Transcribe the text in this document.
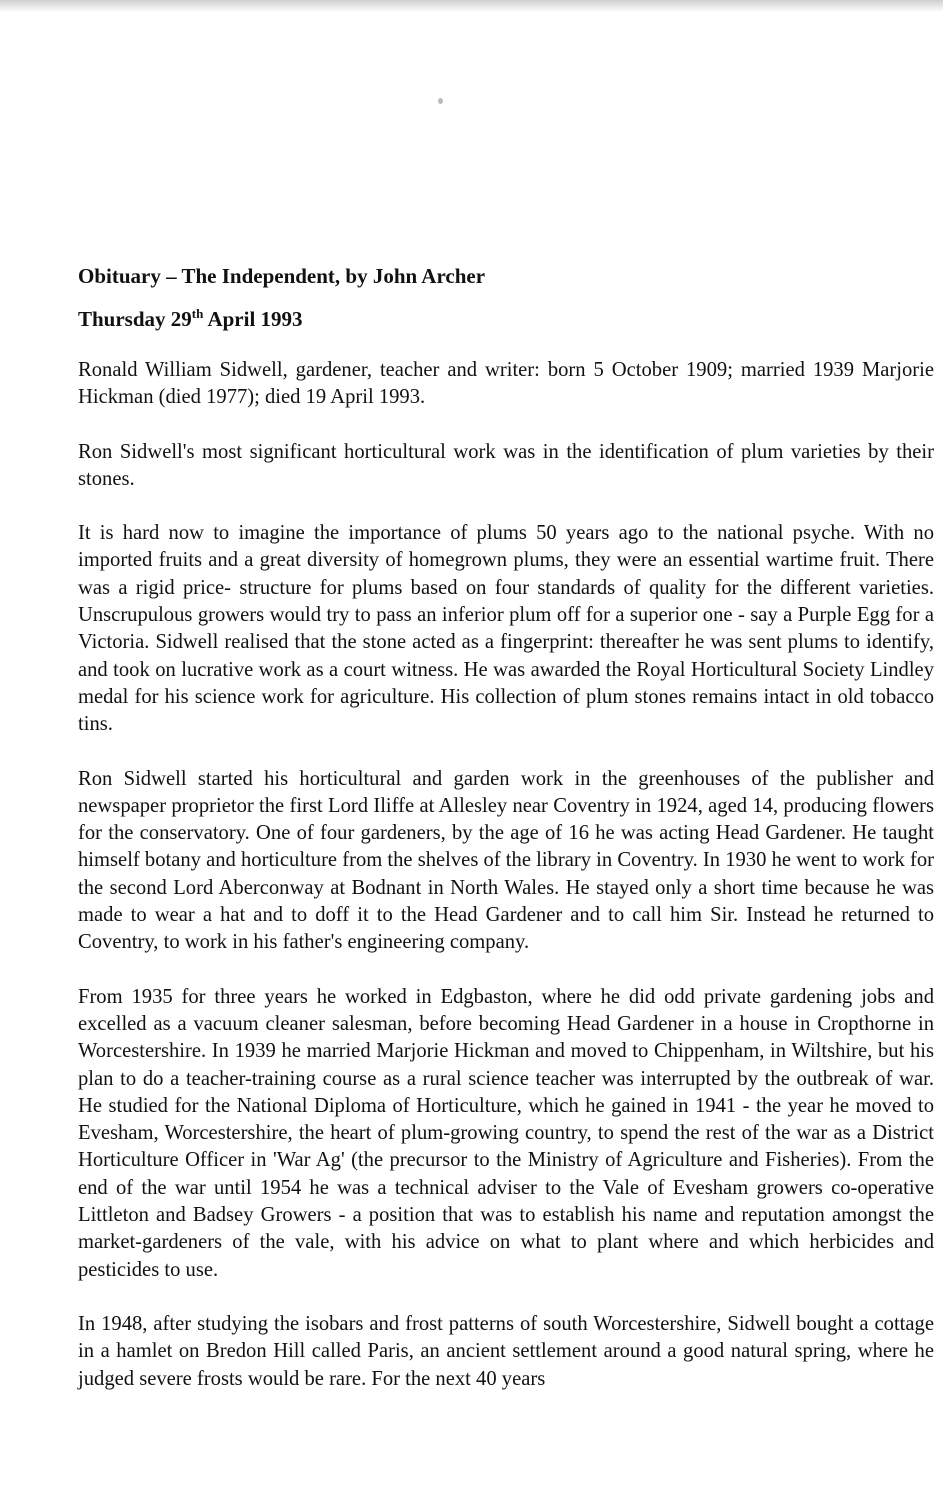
Obituary – The Independent, by John Archer

Thursday 29th April 1993

Ronald William Sidwell, gardener, teacher and writer: born 5 October 1909; married 1939 Marjorie Hickman (died 1977); died 19 April 1993.

Ron Sidwell's most significant horticultural work was in the identification of plum varieties by their stones.

It is hard now to imagine the importance of plums 50 years ago to the national psyche. With no imported fruits and a great diversity of homegrown plums, they were an essential wartime fruit. There was a rigid price- structure for plums based on four standards of quality for the different varieties. Unscrupulous growers would try to pass an inferior plum off for a superior one - say a Purple Egg for a Victoria. Sidwell realised that the stone acted as a fingerprint: thereafter he was sent plums to identify, and took on lucrative work as a court witness. He was awarded the Royal Horticultural Society Lindley medal for his science work for agriculture. His collection of plum stones remains intact in old tobacco tins.

Ron Sidwell started his horticultural and garden work in the greenhouses of the publisher and newspaper proprietor the first Lord Iliffe at Allesley near Coventry in 1924, aged 14, producing flowers for the conservatory. One of four gardeners, by the age of 16 he was acting Head Gardener. He taught himself botany and horticulture from the shelves of the library in Coventry. In 1930 he went to work for the second Lord Aberconway at Bodnant in North Wales. He stayed only a short time because he was made to wear a hat and to doff it to the Head Gardener and to call him Sir. Instead he returned to Coventry, to work in his father's engineering company.

From 1935 for three years he worked in Edgbaston, where he did odd private gardening jobs and excelled as a vacuum cleaner salesman, before becoming Head Gardener in a house in Cropthorne in Worcestershire. In 1939 he married Marjorie Hickman and moved to Chippenham, in Wiltshire, but his plan to do a teacher-training course as a rural science teacher was interrupted by the outbreak of war. He studied for the National Diploma of Horticulture, which he gained in 1941 - the year he moved to Evesham, Worcestershire, the heart of plum-growing country, to spend the rest of the war as a District Horticulture Officer in 'War Ag' (the precursor to the Ministry of Agriculture and Fisheries). From the end of the war until 1954 he was a technical adviser to the Vale of Evesham growers co-operative Littleton and Badsey Growers - a position that was to establish his name and reputation amongst the market-gardeners of the vale, with his advice on what to plant where and which herbicides and pesticides to use.

In 1948, after studying the isobars and frost patterns of south Worcestershire, Sidwell bought a cottage in a hamlet on Bredon Hill called Paris, an ancient settlement around a good natural spring, where he judged severe frosts would be rare. For the next 40 years
